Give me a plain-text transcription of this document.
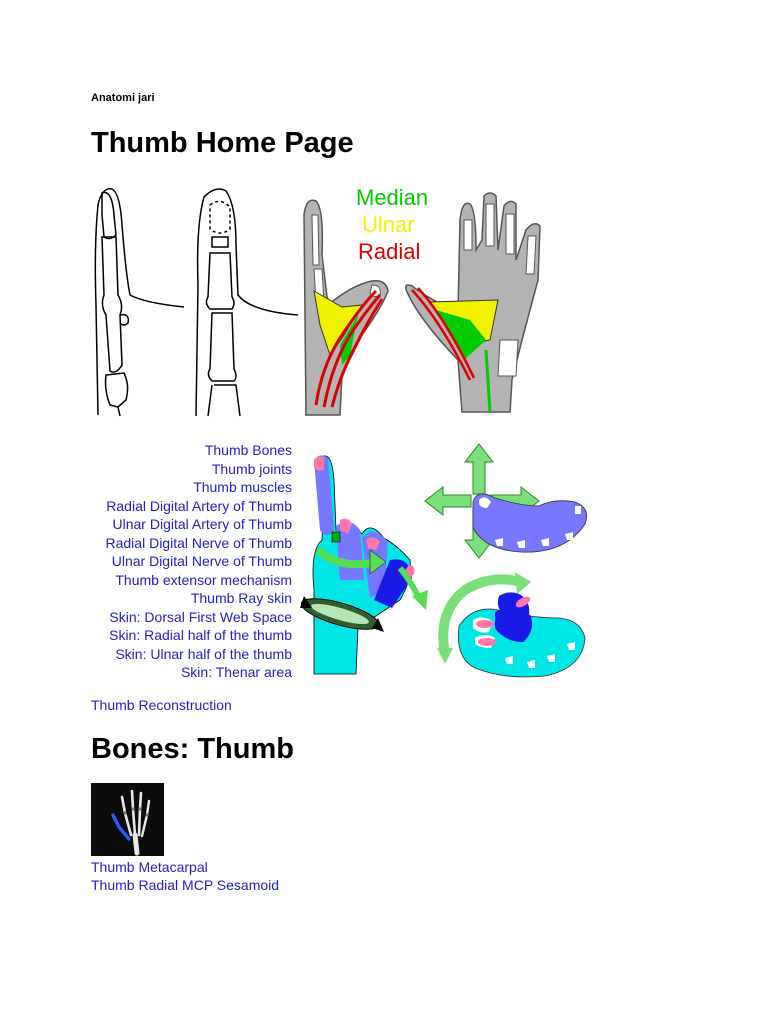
Anatomi jari
Thumb Home Page
Median
Ulnar
Radial
Thumb Bones
Thumb joints
Thumb muscles
Radial Digital Artery of Thumb
Ulnar Digital Artery of Thumb
Radial Digital Nerve of Thumb
Ulnar Digital Nerve of Thumb
Thumb extensor mechanism
Thumb Ray skin
Skin: Dorsal First Web Space
Skin: Radial half of the thumb
Skin: Ulnar half of the thumb
Skin: Thenar area
Thumb Reconstruction
Bones: Thumb
Thumb Metacarpal
Thumb Radial MCP Sesamoid
